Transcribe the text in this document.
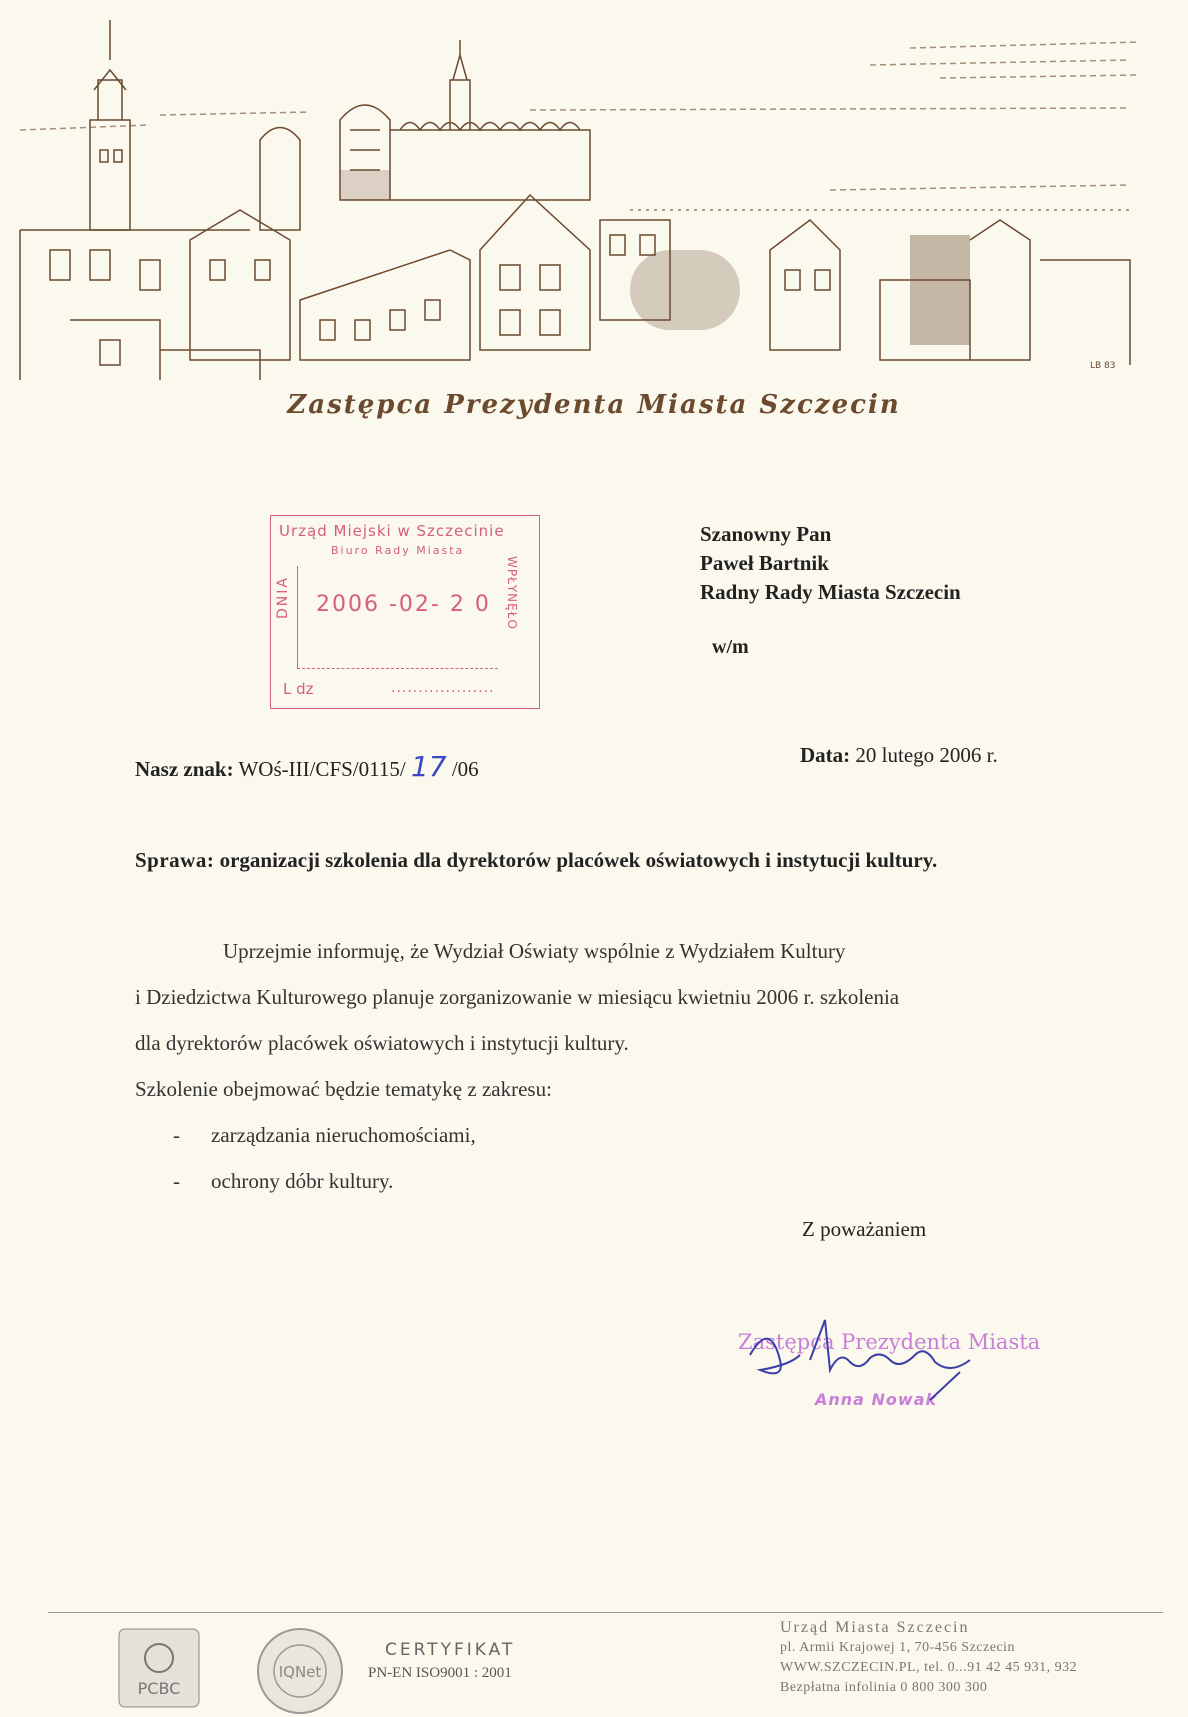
LB 83
Zastępca Prezydenta Miasta Szczecin
Urząd Miejski w Szczecinie
Biuro Rady Miasta
DNIA 2006 -02- 2 0 WPŁYNĘŁO
L dz	...................
Szanowny Pan
Paweł Bartnik
Radny Rady Miasta Szczecin
w/m
Nasz znak: WOś-III/CFS/0115/ 17 /06
Data: 20 lutego 2006 r.
Sprawa: organizacji szkolenia dla dyrektorów placówek oświatowych i instytucji kultury.
Uprzejmie informuję, że Wydział Oświaty wspólnie z Wydziałem Kultury
i Dziedzictwa Kulturowego planuje zorganizowanie w miesiącu kwietniu 2006 r. szkolenia
dla dyrektorów placówek oświatowych i instytucji kultury.
Szkolenie obejmować będzie tematykę z zakresu:
-	zarządzania nieruchomościami,
-	ochrony dóbr kultury.
Z poważaniem
Zastępca Prezydenta Miasta
Anna Nowak
PCBC
IQNet
CERTYFIKAT
PN-EN ISO9001 : 2001
Urząd Miasta Szczecin
pl. Armii Krajowej 1, 70-456 Szczecin
WWW.SZCZECIN.PL, tel. 0...91 42 45 931, 932
Bezpłatna infolinia 0 800 300 300
